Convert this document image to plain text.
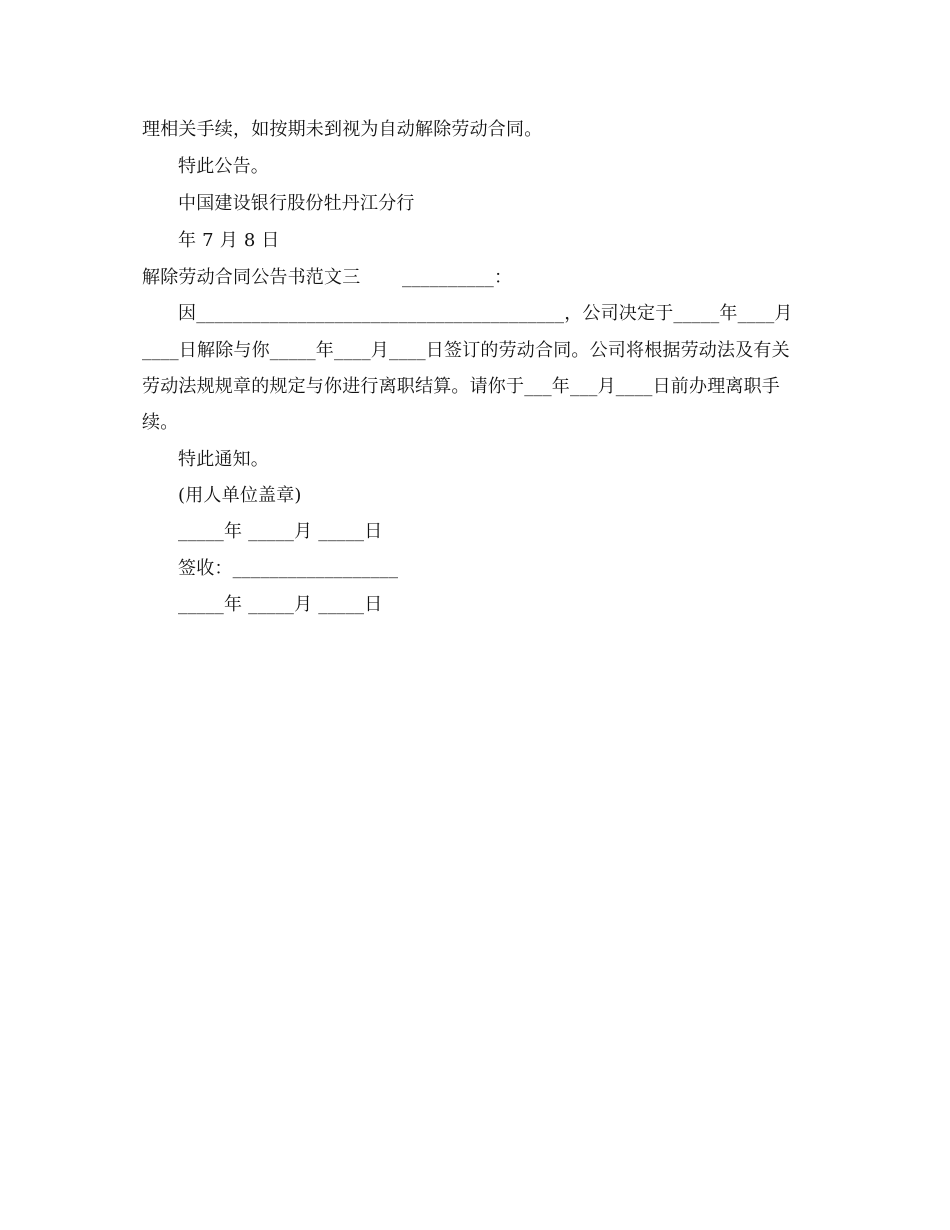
理相关手续，如按期未到视为自动解除劳动合同。
特此公告。
中国建设银行股份牡丹江分行
年 7 月 8 日
解除劳动合同公告书范文三 __________：
因________________________________________，公司决定于_____年____月
____日解除与你_____年____月____日签订的劳动合同。公司将根据劳动法及有关
劳动法规规章的规定与你进行离职结算。请你于___年___月____日前办理离职手
续。
特此通知。
(用人单位盖章)
_____年 _____月 _____日
签收：__________________
_____年 _____月 _____日
